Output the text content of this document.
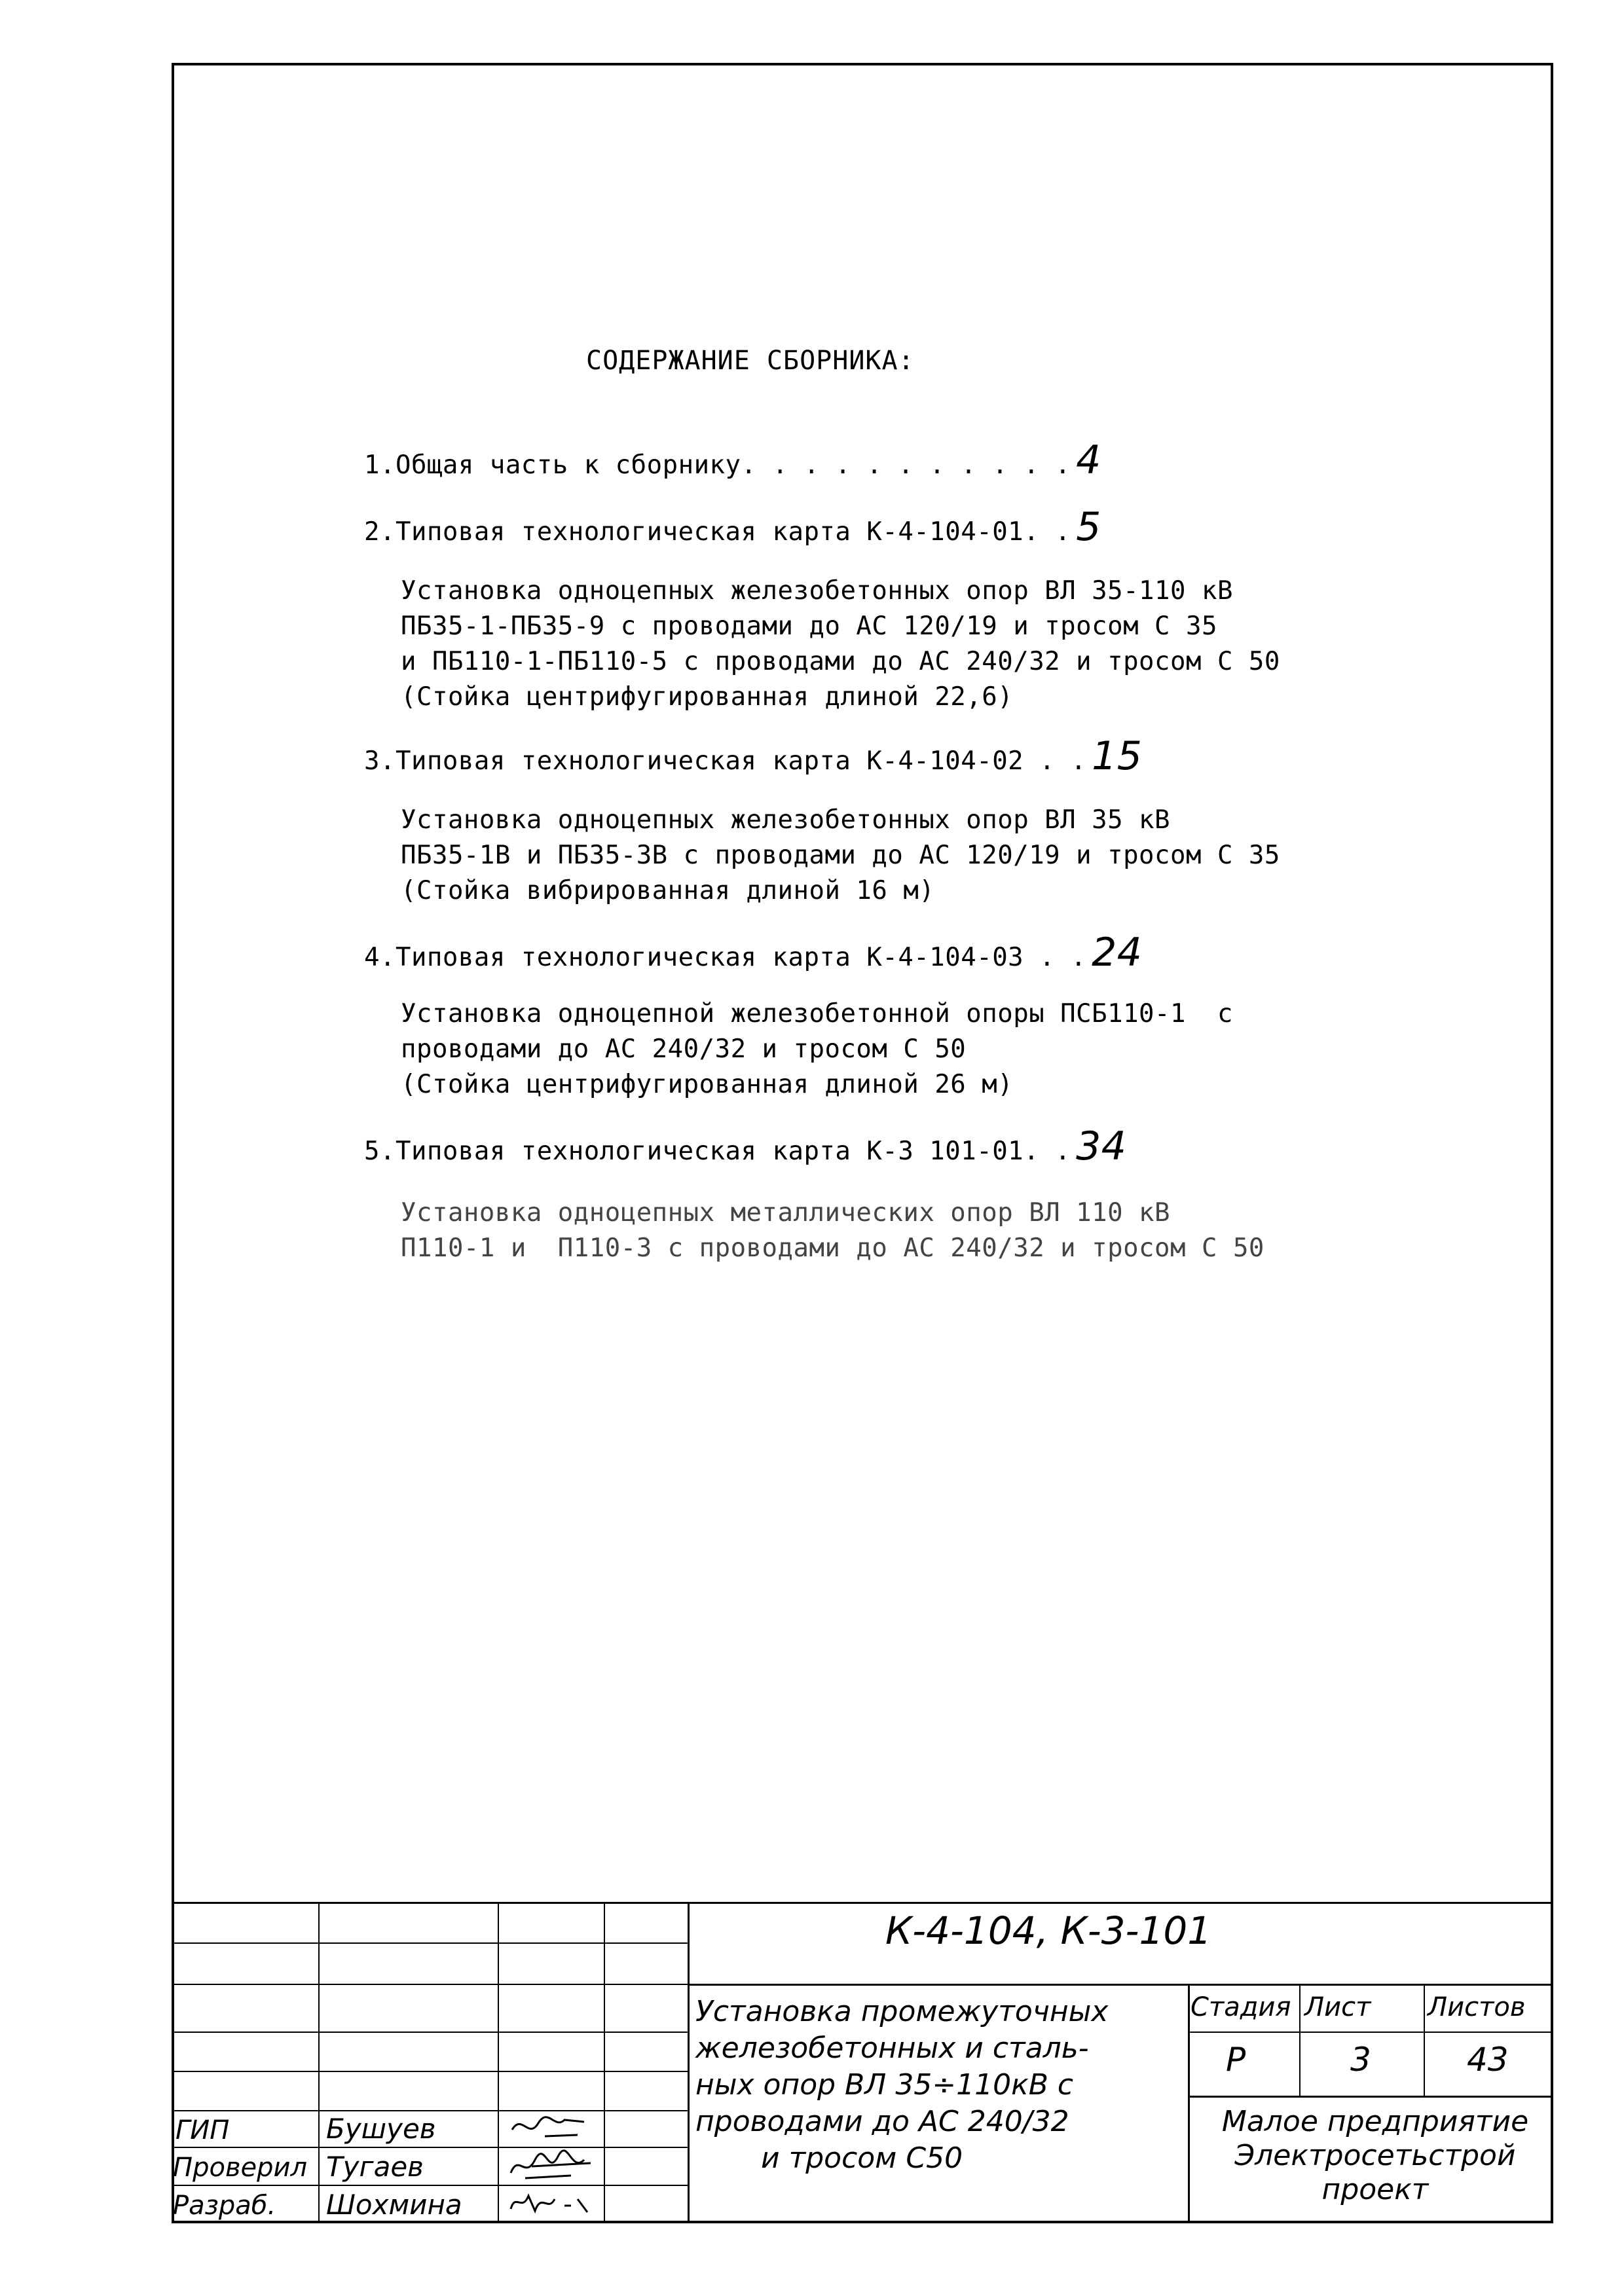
СОДЕРЖАНИЕ СБОРНИКА:
1.Общая часть к сборнику. . . . . . . . . . . 4
2.Типовая технологическая карта К-4-104-01. . 5
Установка одноцепных железобетонных опор ВЛ 35-110 кВ
ПБ35-1-ПБ35-9 с проводами до АС 120/19 и тросом С 35
и ПБ110-1-ПБ110-5 с проводами до АС 240/32 и тросом С 50
(Стойка центрифугированная длиной 22,6)
3.Типовая технологическая карта К-4-104-02 . . 15
Установка одноцепных железобетонных опор ВЛ 35 кВ
ПБ35-1В и ПБ35-3В с проводами до АС 120/19 и тросом С 35
(Стойка вибрированная длиной 16 м)
4.Типовая технологическая карта К-4-104-03 . . 24
Установка одноцепной железобетонной опоры ПСБ110-1  с
проводами до АС 240/32 и тросом С 50
(Стойка центрифугированная длиной 26 м)
5.Типовая технологическая карта К-3 101-01. . 34
Установка одноцепных металлических опор ВЛ 110 кВ
П110-1 и  П110-3 с проводами до АС 240/32 и тросом С 50
К-4-104, К-3-101
Установка промежуточных
железобетонных и сталь-
ных опор ВЛ 35÷110кВ с
проводами до АС 240/32
и тросом С50
Стадия Лист Листов
Р	3	43
Малое предприятие
Электросетьстрой
проект
ГИП	Бушуев
Проверил Тугаев
Разраб. Шохмина
